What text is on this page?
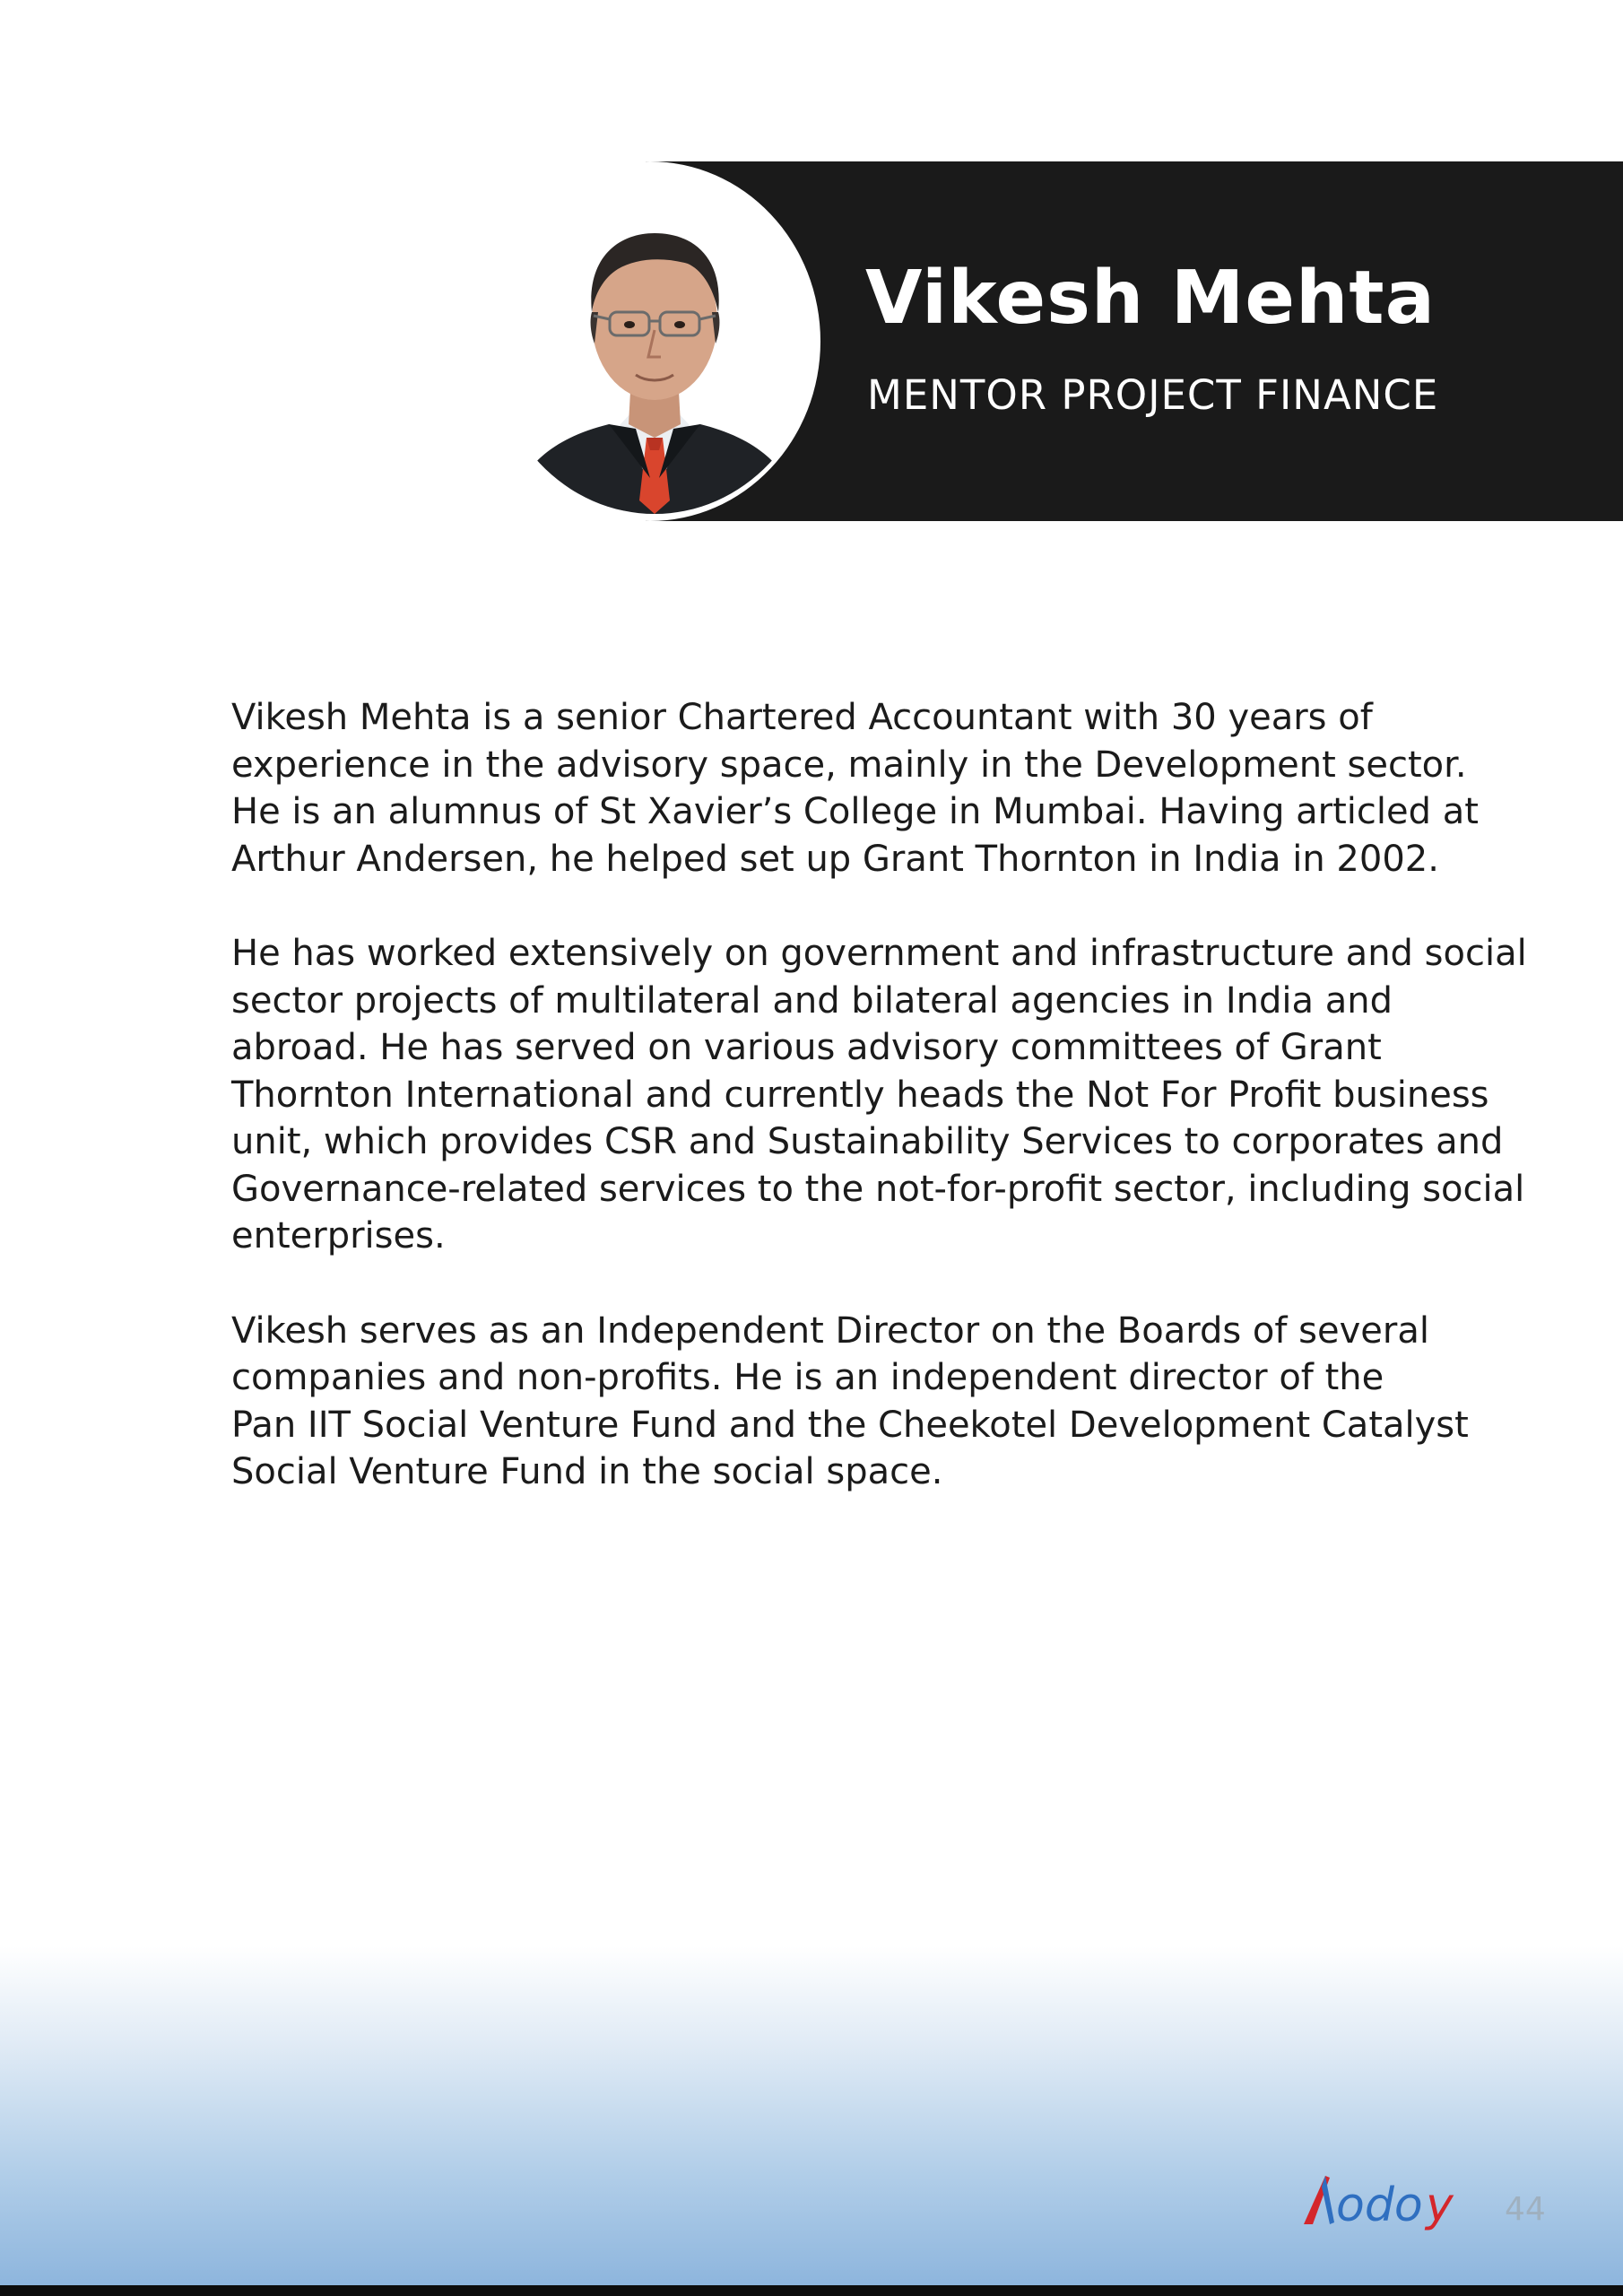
Vikesh Mehta

MENTOR PROJECT FINANCE

Vikesh Mehta is a senior Chartered Accountant with 30 years of
experience in the advisory space, mainly in the Development sector.
He is an alumnus of St Xavier’s College in Mumbai. Having articled at
Arthur Andersen, he helped set up Grant Thornton in India in 2002.

He has worked extensively on government and infrastructure and social
sector projects of multilateral and bilateral agencies in India and
abroad. He has served on various advisory committees of Grant
Thornton International and currently heads the Not For Profit business
unit, which provides CSR and Sustainability Services to corporates and
Governance-related services to the not-for-profit sector, including social
enterprises.

Vikesh serves as an Independent Director on the Boards of several
companies and non-profits. He is an independent director of the
Pan IIT Social Venture Fund and the Cheekotel Development Catalyst
Social Venture Fund in the social space.

odo y 44
